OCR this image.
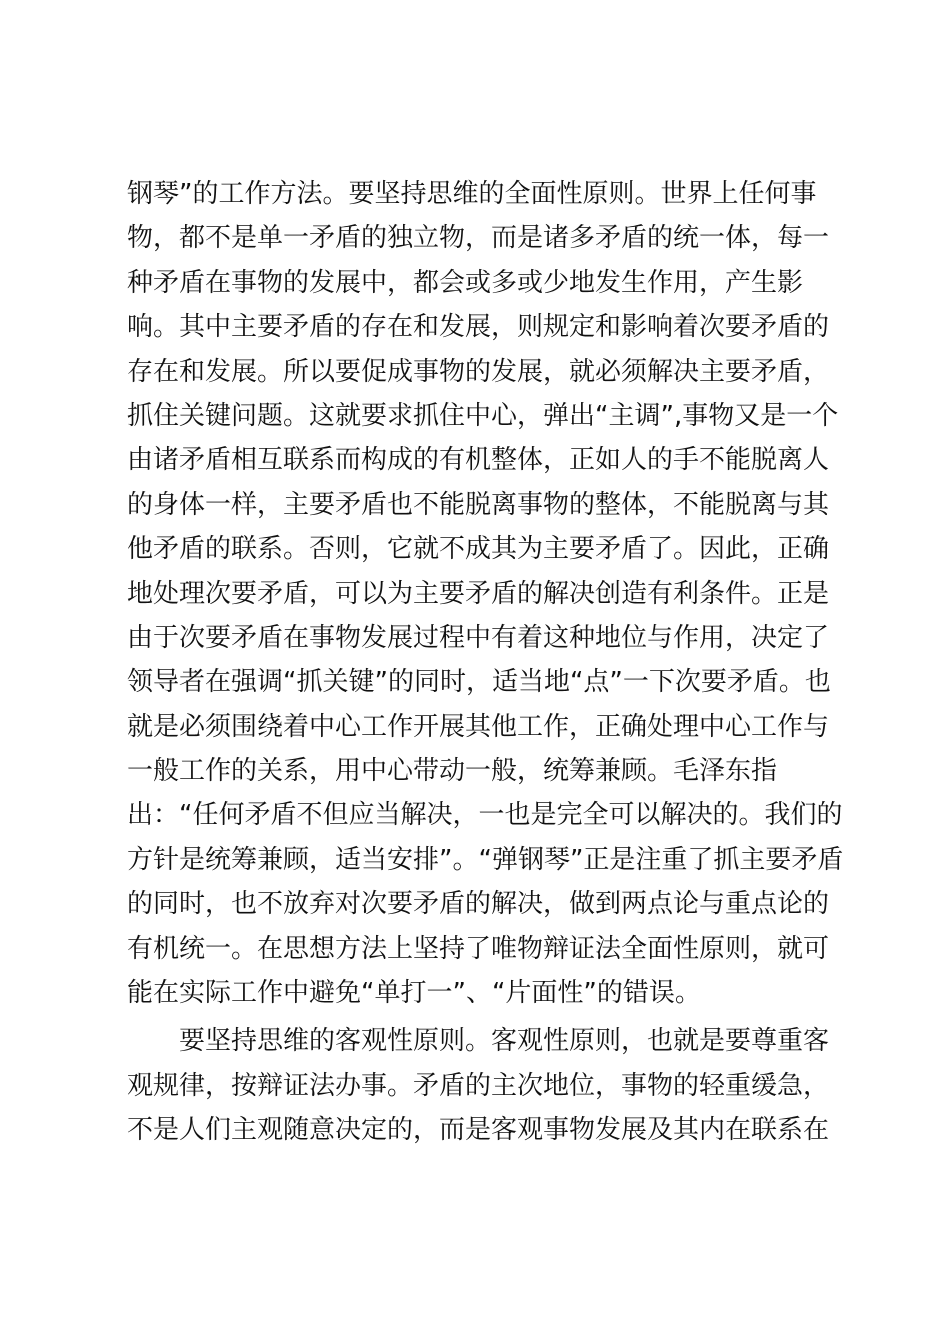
钢琴”的工作方法。要坚持思维的全面性原则。世界上任何事
物，都不是单一矛盾的独立物，而是诸多矛盾的统一体，每一
种矛盾在事物的发展中，都会或多或少地发生作用，产生影
响。其中主要矛盾的存在和发展，则规定和影响着次要矛盾的
存在和发展。所以要促成事物的发展，就必须解决主要矛盾，
抓住关键问题。这就要求抓住中心，弹出“主调”,事物又是一个
由诸矛盾相互联系而构成的有机整体，正如人的手不能脱离人
的身体一样，主要矛盾也不能脱离事物的整体，不能脱离与其
他矛盾的联系。否则，它就不成其为主要矛盾了。因此，正确
地处理次要矛盾，可以为主要矛盾的解决创造有利条件。正是
由于次要矛盾在事物发展过程中有着这种地位与作用，决定了
领导者在强调“抓关键”的同时，适当地“点”一下次要矛盾。也
就是必须围绕着中心工作开展其他工作，正确处理中心工作与
一般工作的关系，用中心带动一般，统筹兼顾。毛泽东指
出：“任何矛盾不但应当解决，一也是完全可以解决的。我们的
方针是统筹兼顾，适当安排”。“弹钢琴”正是注重了抓主要矛盾
的同时，也不放弃对次要矛盾的解决，做到两点论与重点论的
有机统一。在思想方法上坚持了唯物辩证法全面性原则，就可
能在实际工作中避免“单打一”、“片面性”的错误。
要坚持思维的客观性原则。客观性原则，也就是要尊重客
观规律，按辩证法办事。矛盾的主次地位，事物的轻重缓急，
不是人们主观随意决定的，而是客观事物发展及其内在联系在
